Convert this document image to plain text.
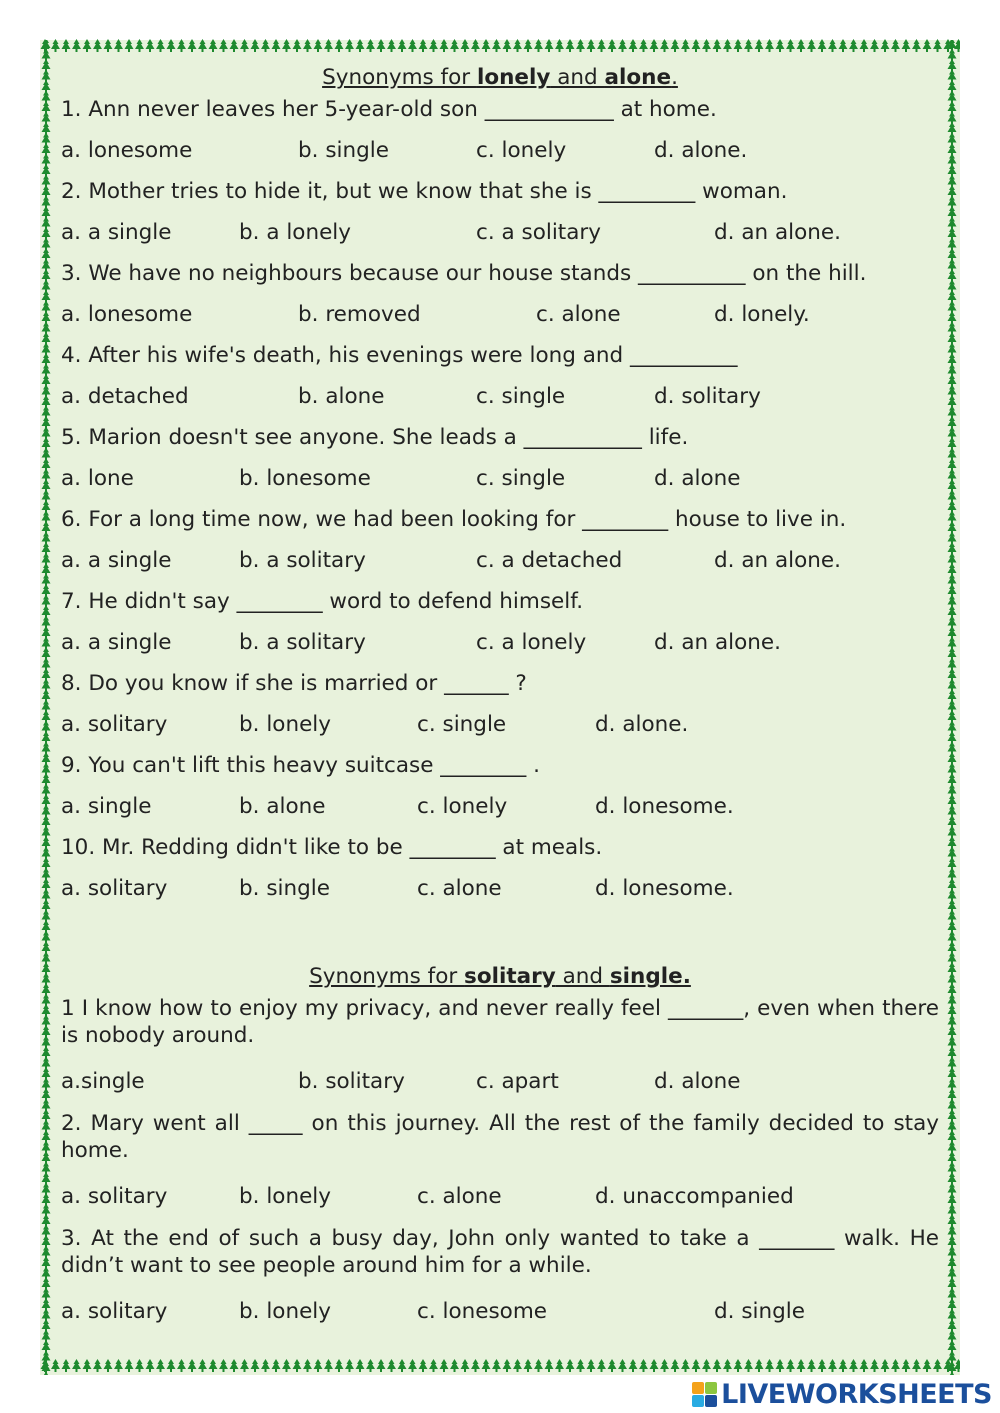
Synonyms for lonely and alone.
1. Ann never leaves her 5-year-old son ____________ at home.
a. lonesome	b. single	c. lonely	d. alone.
2. Mother tries to hide it, but we know that she is _________ woman.
a. a single	b. a lonely	c. a solitary	d. an alone.
3. We have no neighbours because our house stands __________ on the hill.
a. lonesome	b. removed	c. alone	d. lonely.
4. After his wife's death, his evenings were long and __________
a. detached	b. alone	c. single	d. solitary
5. Marion doesn't see anyone. She leads a ___________ life.
a. lone	b. lonesome	c. single	d. alone
6. For a long time now, we had been looking for ________ house to live in.
a. a single	b. a solitary	c. a detached	d. an alone.
7. He didn't say ________ word to defend himself.
a. a single	b. a solitary	c. a lonely	d. an alone.
8. Do you know if she is married or ______ ?
a. solitary	b. lonely	c. single	d. alone.
9. You can't lift this heavy suitcase ________ .
a. single	b. alone	c. lonely	d. lonesome.
10. Mr. Redding didn't like to be ________ at meals.
a. solitary	b. single	c. alone	d. lonesome.
Synonyms for solitary and single.
1 I know how to enjoy my privacy, and never really feel _______, even when there is nobody around.
a.single	b. solitary	c. apart	d. alone
2. Mary went all _____ on this journey. All the rest of the family decided to stay home.
a. solitary	b. lonely	c. alone	d. unaccompanied
3. At the end of such a busy day, John only wanted to take a _______ walk. He didn’t want to see people around him for a while.
a. solitary	b. lonely	c. lonesome	d. single
LIVEWORKSHEETS
